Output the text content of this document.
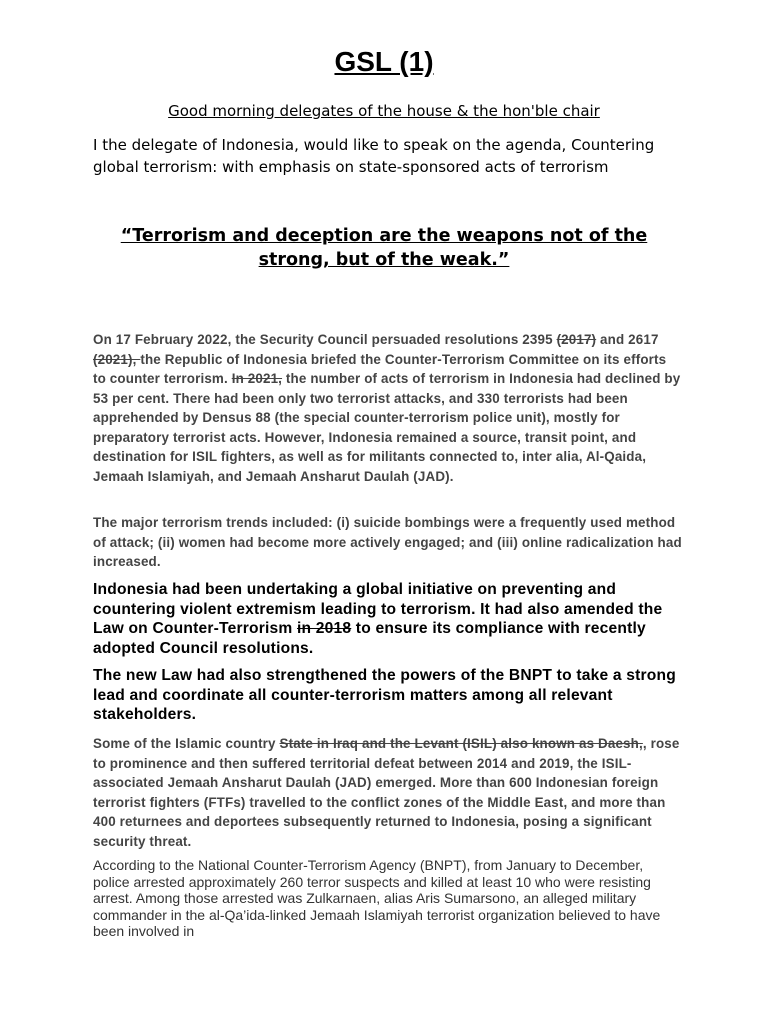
GSL (1)
Good morning delegates of the house & the hon'ble chair
I the delegate of Indonesia, would like to speak on the agenda, Countering global terrorism: with emphasis on state-sponsored acts of terrorism
“Terrorism and deception are the weapons not of the strong, but of the weak.”
On 17 February 2022, the Security Council persuaded resolutions 2395 (2017) and 2617 (2021), the Republic of Indonesia briefed the Counter-Terrorism Committee on its efforts to counter terrorism. In 2021, the number of acts of terrorism in Indonesia had declined by 53 per cent. There had been only two terrorist attacks, and 330 terrorists had been apprehended by Densus 88 (the special counter-terrorism police unit), mostly for preparatory terrorist acts. However, Indonesia remained a source, transit point, and destination for ISIL fighters, as well as for militants connected to, inter alia, Al-Qaida, Jemaah Islamiyah, and Jemaah Ansharut Daulah (JAD).
The major terrorism trends included: (i) suicide bombings were a frequently used method of attack; (ii) women had become more actively engaged; and (iii) online radicalization had increased.
Indonesia had been undertaking a global initiative on preventing and countering violent extremism leading to terrorism. It had also amended the Law on Counter-Terrorism in 2018 to ensure its compliance with recently adopted Council resolutions.
The new Law had also strengthened the powers of the BNPT to take a strong lead and coordinate all counter-terrorism matters among all relevant stakeholders.
Some of the Islamic country State in Iraq and the Levant (ISIL) also known as Daesh,, rose to prominence and then suffered territorial defeat between 2014 and 2019, the ISIL-associated Jemaah Ansharut Daulah (JAD) emerged. More than 600 Indonesian foreign terrorist fighters (FTFs) travelled to the conflict zones of the Middle East, and more than 400 returnees and deportees subsequently returned to Indonesia, posing a significant security threat.
According to the National Counter-Terrorism Agency (BNPT), from January to December, police arrested approximately 260 terror suspects and killed at least 10 who were resisting arrest. Among those arrested was Zulkarnaen, alias Aris Sumarsono, an alleged military commander in the al-Qa’ida-linked Jemaah Islamiyah terrorist organization believed to have been involved in
